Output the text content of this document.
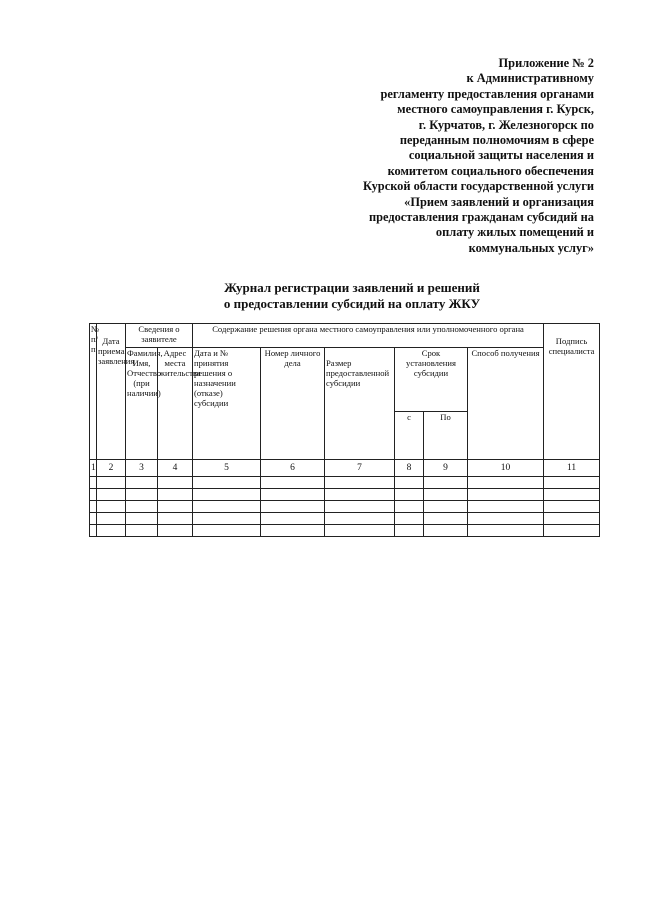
Приложение № 2
к Административному
регламенту предоставления органами
местного самоуправления г. Курск,
г. Курчатов, г. Железногорск по
переданным полномочиям в сфере
социальной защиты населения и
комитетом социального обеспечения
Курской области государственной услуги
«Прием заявлений и организация
предоставления гражданам субсидий на
оплату жилых помещений и
коммунальных услуг»
Журнал регистрации заявлений и решений
о предоставлении субсидий на оплату ЖКУ
№ п/п	Дата приема заявления	Сведения о заявителе		Содержание решения органа местного самоуправления или уполномоченного органа						Подпись специалиста
		Фамилия, Имя, Отчество (при наличии)	Адрес места жительства	Дата и № принятия решения о назначении (отказе) субсидии	Номер личного дела	Размер предоставленной субсидии	Срок установления субсидии		Способ получения	
							с	По		
1	2	3	4	5	6	7	8	9	10	11
